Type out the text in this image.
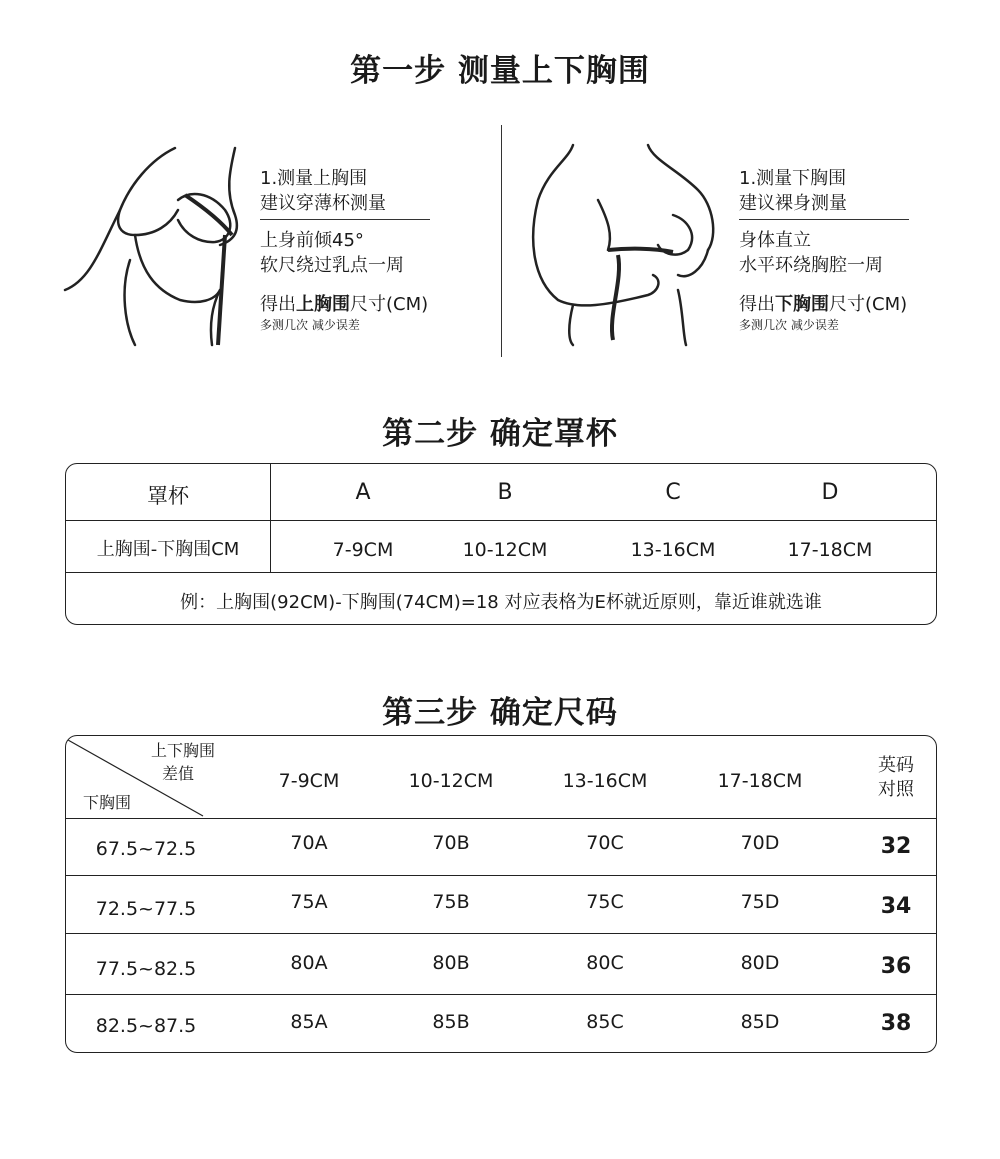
第一步 测量上下胸围
1.测量上胸围
建议穿薄杯测量
上身前倾45°
软尺绕过乳点一周
得出上胸围尺寸(CM)
多测几次 减少误差
1.测量下胸围
建议裸身测量
身体直立
水平环绕胸腔一周
得出下胸围尺寸(CM)
多测几次 减少误差
第二步 确定罩杯
罩杯	A	B	C	D
上胸围-下胸围CM	7-9CM	10-12CM	13-16CM	17-18CM
例：上胸围(92CM)-下胸围(74CM)=18 对应表格为E杯就近原则，靠近谁就选谁
第三步 确定尺码
上下胸围
差值
下胸围
7-9CM	10-12CM	13-16CM	17-18CM
英码
对照
67.5~72.5	70A	70B	70C	70D	32
72.5~77.5	75A	75B	75C	75D	34
77.5~82.5	80A	80B	80C	80D	36
82.5~87.5	85A	85B	85C	85D	38
